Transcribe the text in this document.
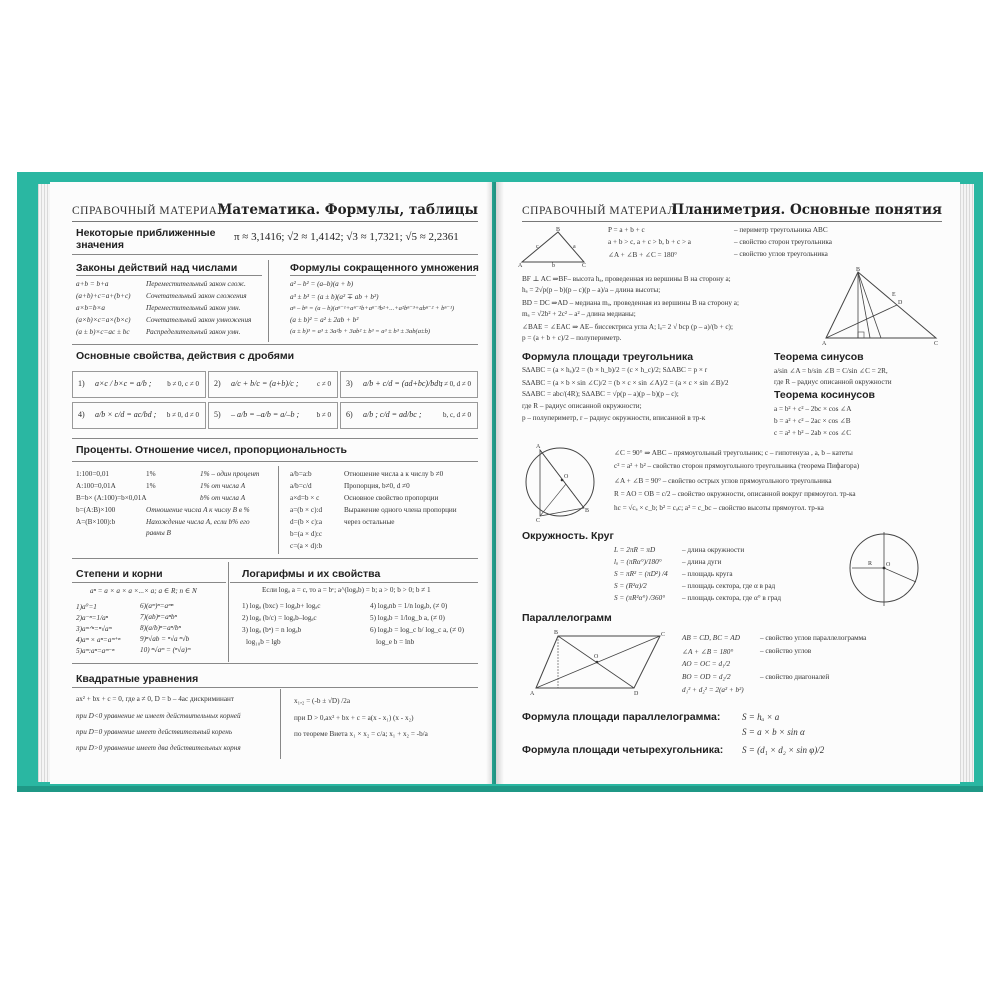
СПРАВОЧНЫЙ МАТЕРИАЛ
Математика. Формулы, таблицы
Некоторые приближенные
значения
π ≈ 3,1416; √2 ≈ 1,4142; √3 ≈ 1,7321; √5 ≈ 2,2361
Законы действий над числами
a+b = b+a	Переместительный закон слож.
(a+b)+c=a+(b+c) Сочетательный закон сложения
a×b=b×a	Переместительный закон умн.
(a×b)×c=a×(b×c) Сочетательный закон умножения
(a ± b)×c=ac ± bc Распределительный закон умн.
Формулы сокращенного умножения
a² – b² = (a–b)(a + b)
a³ ± b³ = (a ± b)(a² ∓ ab + b²)
aⁿ – bⁿ = (a – b)(aⁿ⁻¹+aⁿ⁻²b+aⁿ⁻³b²+...+a²bⁿ⁻³+abⁿ⁻² + bⁿ⁻¹)
(a ± b)² = a² ± 2ab + b²
(a ± b)³ = a³ ± 3a²b + 3ab² ± b³ = a³ ± b³ ± 3ab(a±b)
Основные свойства, действия с дробями
1) a×c / b×c = a/b ; b ≠ 0, c ≠ 0 2) a/c + b/c = (a+b)/c ;	c ≠ 0 3) a/b + c/d = (ad+bc)/bd ;
b ≠ 0, d ≠ 0
4) a/b × c/d = ac/bd ; b ≠ 0, d ≠ 0 5) – a/b = –a/b = a/–b ;	b ≠ 0 6) a/b ; c/d = ad/bc ;	b, c, d ≠ 0
Проценты. Отношение чисел, пропорциональность
1:100=0,01	1%	1% – один процент
A:100=0,01A	1%	1% от числа A
B=b× (A:100)=b×0,01A	b% от числа A
b=(A:B)×100	Отношение числа A к числу B в %
A=(B×100):b	Нахождение числа A, если b% его
равны B
a/b=a:b	Отношение числа a к числу b ≠0
a/b=c/d	Пропорция, b≠0, d ≠0
a×d=b × c	Основное свойство пропорции
a=(b × c):d	Выражение одного члена пропорции
d=(b × c):a	через остальные
b=(a × d):c
c=(a × d):b
Степени и корни
aⁿ = a × a × a ×...× a; a ∈ R; n ∈ N
1)a⁰=1
2)a⁻ⁿ=1/aⁿ
3)aᵐᐟⁿ=ⁿ√aᵐ
4)aᵐ × aⁿ=aᵐ⁺ⁿ
5)aᵐ:aⁿ=aᵐ⁻ⁿ
6)(aᵐ)ⁿ=aᵐⁿ
7)(ab)ⁿ=aⁿbⁿ
8)(a/b)ⁿ=aⁿ/bⁿ
9)ⁿ√ab = ⁿ√a ⁿ√b
10) ⁿ√aᵐ = (ⁿ√a)ᵐ
Логарифмы и их свойства
Если logₐ a = c, то a = bᶜ; a^(logₐb) = b; a > 0; b > 0; b ≠ 1
1) logₐ (bxc) = logₐb+ logₐc
2) logₐ (b/c) = logₐb–logₐc
3) logₐ (bⁿ) = n logₐb
log₁₀b = lgb
4) logₐnb = 1/n logₐb, (≠ 0)
5) logₐb = 1/log_b a, (≠ 0)
6) logₐb = log_c b/ log_c a, (≠ 0)
log_e b = lnb
Квадратные уравнения
ax² + bx + c = 0, где a ≠ 0, D = b – 4ac дискриминант
при D<0 уравнение не имеет действительных корней
при D=0 уравнение имеет действительный корень
при D>0 уравнение имеет два действительных корня
x₁,₂ = (-b ± √D) /2a
при D > 0,ax² + bx + c = a(x - x₁) (x - x₂)
по теореме Виета x₁ × x₂ = c/a; x₁ + x₂ = -b/a
СПРАВОЧНЫЙ МАТЕРИАЛ
Планиметрия. Основные понятия
A
B
C
c	a
b
P = a + b + c	– периметр треугольника ABC
a + b > c, a + c > b, b + c > a	– свойство сторон треугольника
∠A + ∠B + ∠C = 180°	– свойство углов треугольника
BF ⊥ AC ⇒BF– высота hₐ, проведенная из вершины B на сторону a;
hₐ = 2√p(p – b)(p – c)(p – a)/a – длина высоты;
BD = DC ⇒AD – медиана mₐ, проведенная из вершины B на сторону a;
mₐ = √2b² + 2c² – a² – длина медианы;
∠BAE = ∠EAC ⇒ AE– биссектриса угла A; lₐ= 2 √ bcp (p – a)/(b + c);
p = (a + b + c)/2 – полупериметр.
B
A	C
D
E
Формула площади треугольника
S∆ABC = (a × hₐ)/2 = (b × h_b)/2 = (c × h_c)/2; S∆ABC = p × r
S∆ABC = (a × b × sin ∠C)/2 = (b × c × sin ∠A)/2 = (a × c × sin ∠B)/2
S∆ABC = abc/(4R); S∆ABC = √p(p – a)(p – b)(p – c);
где R – радиус описанной окружности;
p – полупериметр, r – радиус окружности, вписанной в тр-к
Теорема синусов
a/sin ∠A = b/sin ∠B = C/sin ∠C = 2R,
где R – радиус описанной окружности
Теорема косинусов
a = b² + c² – 2bc × cos ∠A
b = a² + c² – 2ac × cos ∠B
c = a² + b² – 2ab × cos ∠C
A
C
B
O
∠C = 90° ⇒ ABC – прямоугольный треугольник; c – гипотенуза , a, b – катеты
c² = a² + b² – свойство сторон прямоугольного треугольника (теорема Пифагора)
∠A + ∠B = 90° – свойство острых углов прямоугольного треугольника
R = AO = OB = c/2 – свойство окружности, описанной вокруг прямоугол. тр-ка
hc = √cₐ × c_b; b² = cₐc; a² = c_bc – свойство высоты прямоугол. тр-ка
Окружность. Круг
L = 2πR = πD	– длина окружности
lₐ = (πRα°)/180°	– длина дуги
S = πR² = (πD²) /4 – площадь круга
S = (R²α)/2	– площадь сектора, где α в рад
S = (πR²α°) /360° – площадь сектора, где α° в град
R O
Параллелограмм
A
B	C
D
O
AB = CD, BC = AD	– свойство углов параллелограмма
∠A + ∠B = 180°	– свойство углов
AO = OC = d₁/2
BO = OD = d₂/2	– свойство диагоналей
d₁² + d₂² = 2(a² + b²)
Формула площади параллелограмма: S = hₐ × a
S = a × b × sin α
Формула площади четырехугольника: S = (d₁ × d₂ × sin φ)/2
